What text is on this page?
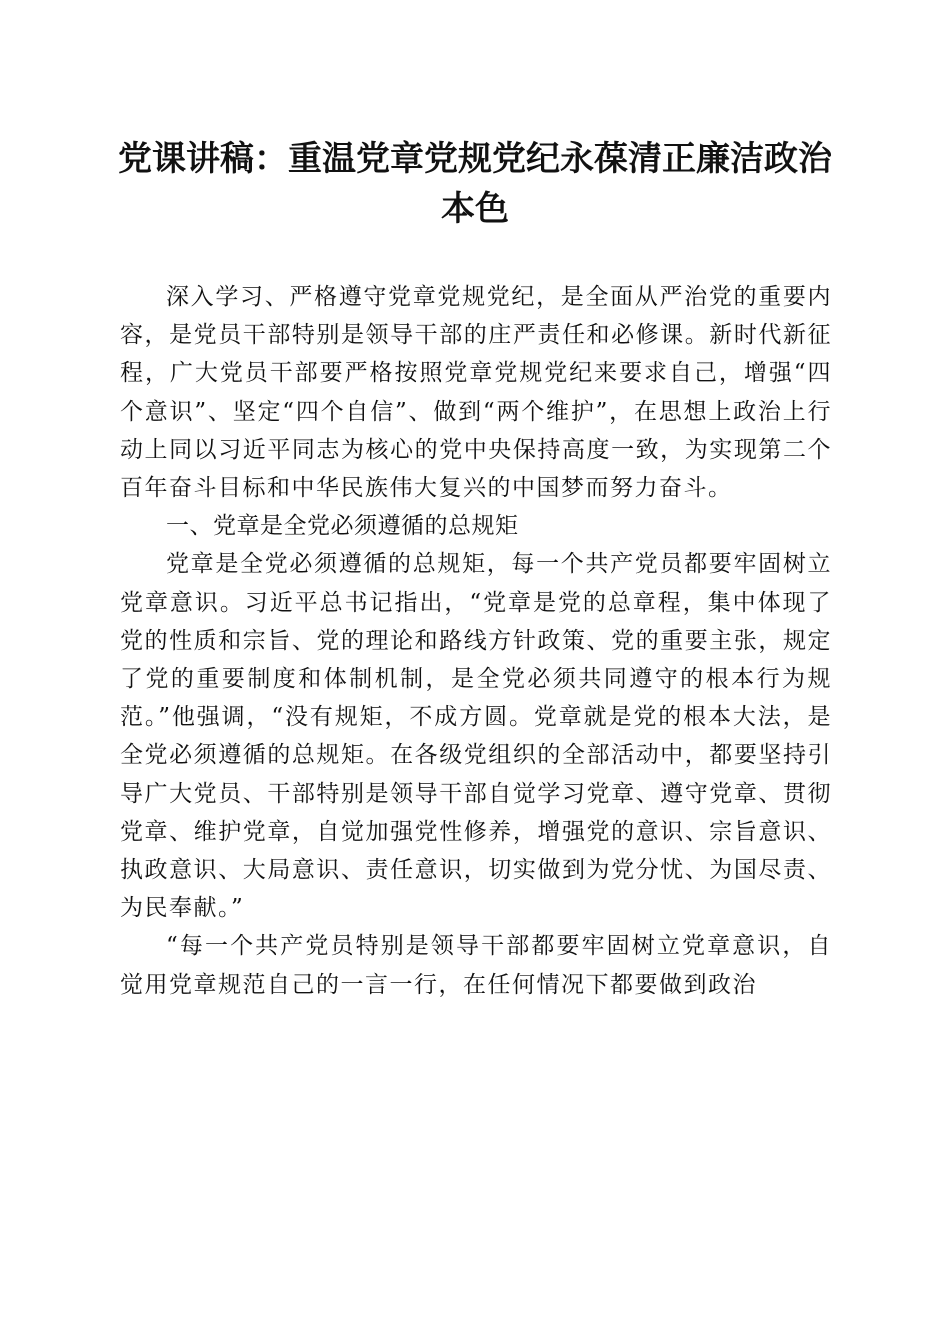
党课讲稿：重温党章党规党纪永葆清正廉洁政治本色

深入学习、严格遵守党章党规党纪，是全面从严治党的重要内容，是党员干部特别是领导干部的庄严责任和必修课。新时代新征程，广大党员干部要严格按照党章党规党纪来要求自己，增强“四个意识”、坚定“四个自信”、做到“两个维护”，在思想上政治上行动上同以习近平同志为核心的党中央保持高度一致，为实现第二个百年奋斗目标和中华民族伟大复兴的中国梦而努力奋斗。

一、党章是全党必须遵循的总规矩

党章是全党必须遵循的总规矩，每一个共产党员都要牢固树立党章意识。习近平总书记指出，“党章是党的总章程，集中体现了党的性质和宗旨、党的理论和路线方针政策、党的重要主张，规定了党的重要制度和体制机制，是全党必须共同遵守的根本行为规范。”他强调，“没有规矩，不成方圆。党章就是党的根本大法，是全党必须遵循的总规矩。在各级党组织的全部活动中，都要坚持引导广大党员、干部特别是领导干部自觉学习党章、遵守党章、贯彻党章、维护党章，自觉加强党性修养，增强党的意识、宗旨意识、执政意识、大局意识、责任意识，切实做到为党分忧、为国尽责、为民奉献。”

“每一个共产党员特别是领导干部都要牢固树立党章意识，自觉用党章规范自己的一言一行，在任何情况下都要做到政治
